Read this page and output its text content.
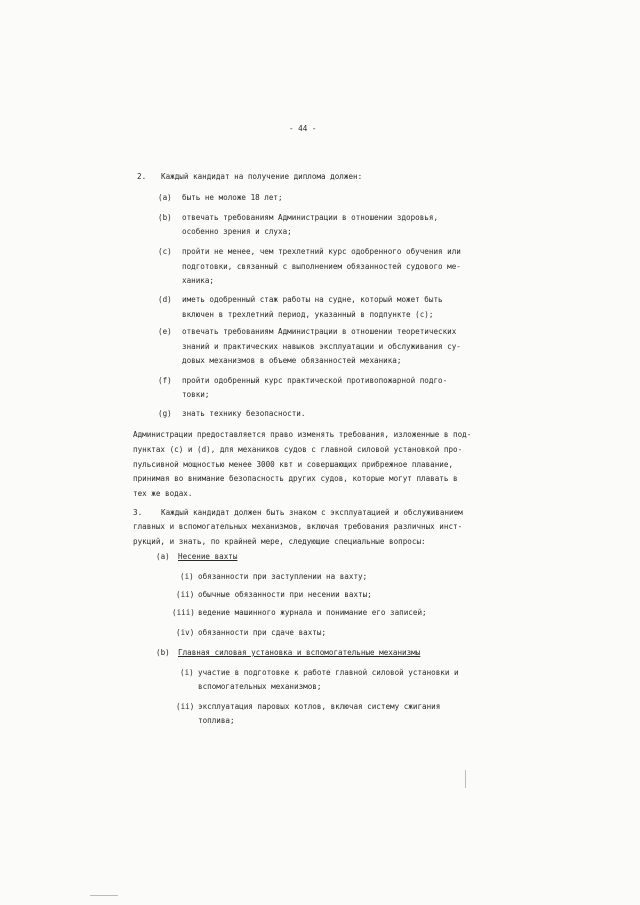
- 44 -
2. Каждый кандидат на получение диплома должен:
(a) быть не моложе 18 лет;
(b) отвечать требованиям Администрации в отношении здоровья,
особенно зрения и слуха;
(c) пройти не менее, чем трехлетний курс одобренного обучения или
подготовки, связанный с выполнением обязанностей судового ме-
ханика;
(d) иметь одобренный стаж работы на судне, который может быть
включен в трехлетний период, указанный в подпункте (c);
(e) отвечать требованиям Администрации в отношении теоретических
знаний и практических навыков эксплуатации и обслуживания су-
довых механизмов в объеме обязанностей механика;
(f) пройти одобренный курс практической противопожарной подго-
товки;
(g) знать технику безопасности.
Администрации предоставляется право изменять требования, изложенные в под-
пунктах (c) и (d), для механиков судов с главной силовой установкой про-
пульсивной мощностью менее 3000 квт и совершающих прибрежное плавание,
принимая во внимание безопасность других судов, которые могут плавать в
тех же водах.
3. Каждый кандидат должен быть знаком с эксплуатацией и обслуживанием
главных и вспомогательных механизмов, включая требования различных инст-
рукций, и знать, по крайней мере, следующие специальные вопросы:
(a) Несение вахты
(i) обязанности при заступлении на вахту;
(ii) обычные обязанности при несении вахты;
(iii) ведение машинного журнала и понимание его записей;
(iv) обязанности при сдаче вахты;
(b) Главная силовая установка и вспомогательные механизмы
(i) участие в подготовке к работе главной силовой установки и
вспомогательных механизмов;
(ii) эксплуатация паровых котлов, включая систему сжигания
топлива;
